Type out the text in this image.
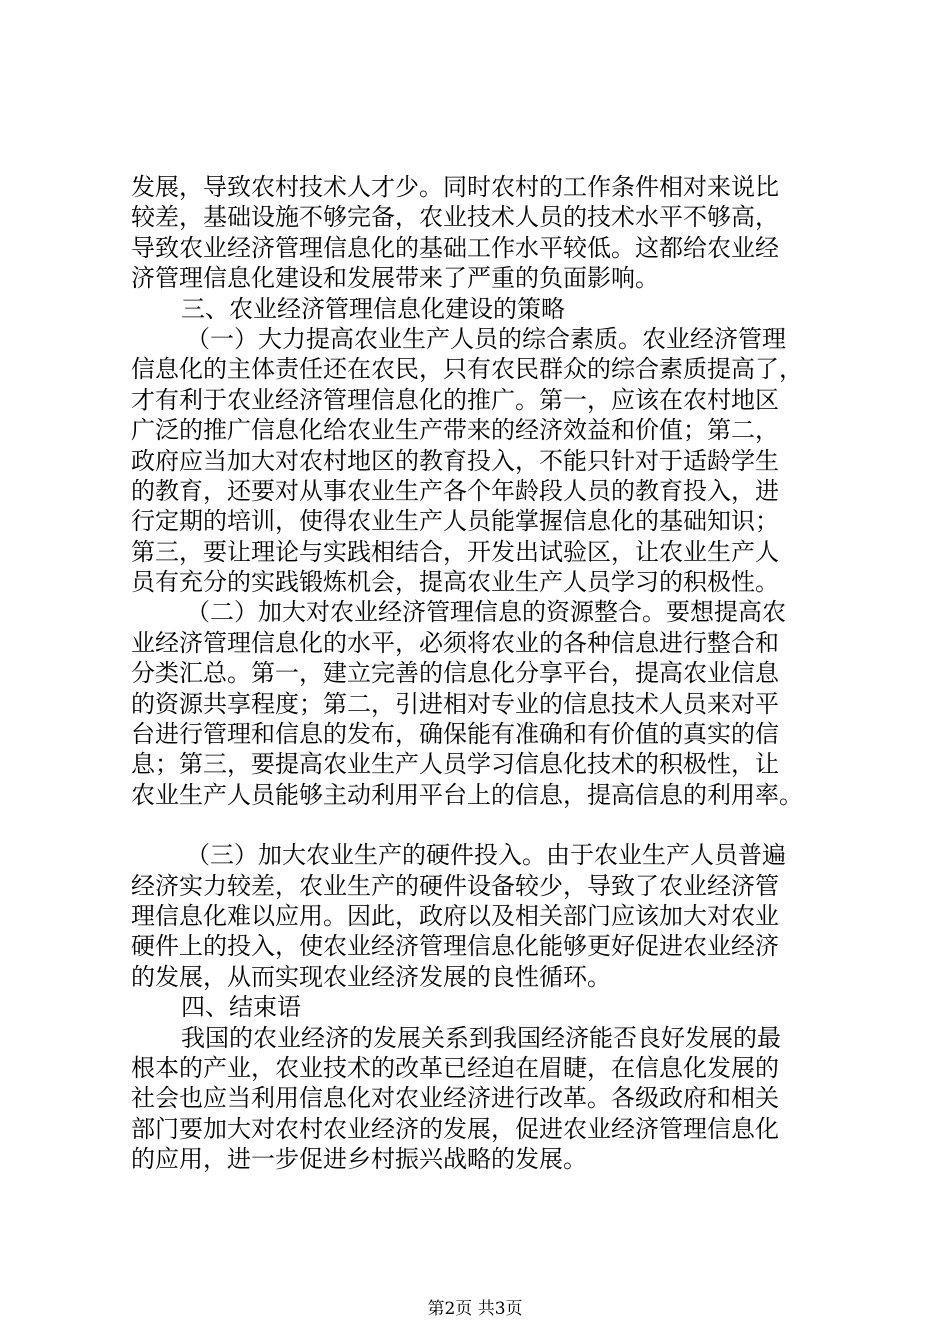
发展，导致农村技术人才少。同时农村的工作条件相对来说比

较差，基础设施不够完备，农业技术人员的技术水平不够高，

导致农业经济管理信息化的基础工作水平较低。这都给农业经

济管理信息化建设和发展带来了严重的负面影响。

三、农业经济管理信息化建设的策略

（一）大力提高农业生产人员的综合素质。农业经济管理

信息化的主体责任还在农民，只有农民群众的综合素质提高了，

才有利于农业经济管理信息化的推广。第一，应该在农村地区

广泛的推广信息化给农业生产带来的经济效益和价值；第二，

政府应当加大对农村地区的教育投入，不能只针对于适龄学生

的教育，还要对从事农业生产各个年龄段人员的教育投入，进

行定期的培训，使得农业生产人员能掌握信息化的基础知识；

第三，要让理论与实践相结合，开发出试验区，让农业生产人

员有充分的实践锻炼机会，提高农业生产人员学习的积极性。

（二）加大对农业经济管理信息的资源整合。要想提高农

业经济管理信息化的水平，必须将农业的各种信息进行整合和

分类汇总。第一，建立完善的信息化分享平台，提高农业信息

的资源共享程度；第二，引进相对专业的信息技术人员来对平

台进行管理和信息的发布，确保能有准确和有价值的真实的信

息；第三，要提高农业生产人员学习信息化技术的积极性，让

农业生产人员能够主动利用平台上的信息，提高信息的利用率。

（三）加大农业生产的硬件投入。由于农业生产人员普遍

经济实力较差，农业生产的硬件设备较少，导致了农业经济管

理信息化难以应用。因此，政府以及相关部门应该加大对农业

硬件上的投入，使农业经济管理信息化能够更好促进农业经济

的发展，从而实现农业经济发展的良性循环。

四、结束语

我国的农业经济的发展关系到我国经济能否良好发展的最

根本的产业，农业技术的改革已经迫在眉睫，在信息化发展的

社会也应当利用信息化对农业经济进行改革。各级政府和相关

部门要加大对农村农业经济的发展，促进农业经济管理信息化

的应用，进一步促进乡村振兴战略的发展。

第2页 共3页
